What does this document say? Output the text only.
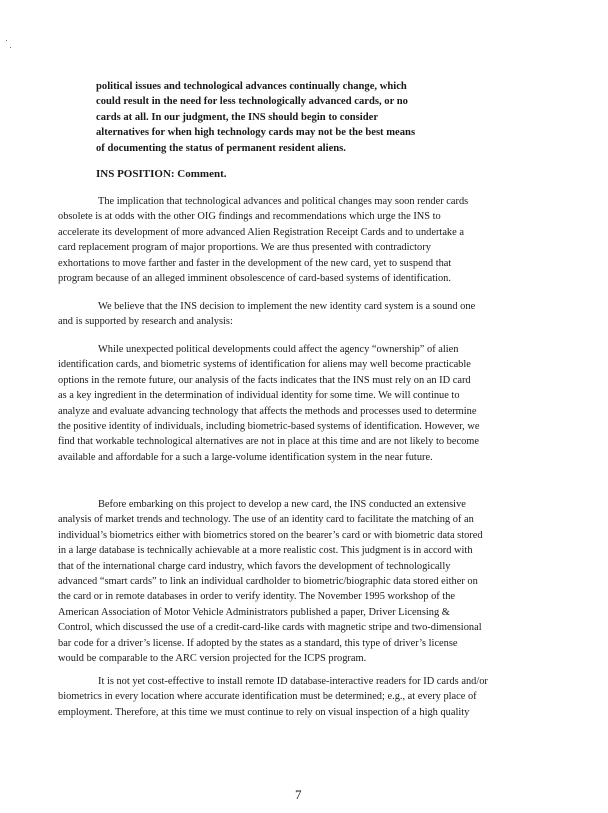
political issues and technological advances continually change, which
could result in the need for less technologically advanced cards, or no
cards at all. In our judgment, the INS should begin to consider
alternatives for when high technology cards may not be the best means
of documenting the status of permanent resident aliens.
INS POSITION: Comment.
The implication that technological advances and political changes may soon render cards
obsolete is at odds with the other OIG findings and recommendations which urge the INS to
accelerate its development of more advanced Alien Registration Receipt Cards and to undertake a
card replacement program of major proportions. We are thus presented with contradictory
exhortations to move farther and faster in the development of the new card, yet to suspend that
program because of an alleged imminent obsolescence of card-based systems of identification.
We believe that the INS decision to implement the new identity card system is a sound one
and is supported by research and analysis:
While unexpected political developments could affect the agency “ownership” of alien
identification cards, and biometric systems of identification for aliens may well become practicable
options in the remote future, our analysis of the facts indicates that the INS must rely on an ID card
as a key ingredient in the determination of individual identity for some time. We will continue to
analyze and evaluate advancing technology that affects the methods and processes used to determine
the positive identity of individuals, including biometric-based systems of identification. However, we
find that workable technological alternatives are not in place at this time and are not likely to become
available and affordable for a such a large-volume identification system in the near future.
Before embarking on this project to develop a new card, the INS conducted an extensive
analysis of market trends and technology. The use of an identity card to facilitate the matching of an
individual’s biometrics either with biometrics stored on the bearer’s card or with biometric data stored
in a large database is technically achievable at a more realistic cost. This judgment is in accord with
that of the international charge card industry, which favors the development of technologically
advanced “smart cards” to link an individual cardholder to biometric/biographic data stored either on
the card or in remote databases in order to verify identity. The November 1995 workshop of the
American Association of Motor Vehicle Administrators published a paper, Driver Licensing &
Control, which discussed the use of a credit-card-like cards with magnetic stripe and two-dimensional
bar code for a driver’s license. If adopted by the states as a standard, this type of driver’s license
would be comparable to the ARC version projected for the ICPS program.
It is not yet cost-effective to install remote ID database-interactive readers for ID cards and/or
biometrics in every location where accurate identification must be determined; e.g., at every place of
employment. Therefore, at this time we must continue to rely on visual inspection of a high quality
7
